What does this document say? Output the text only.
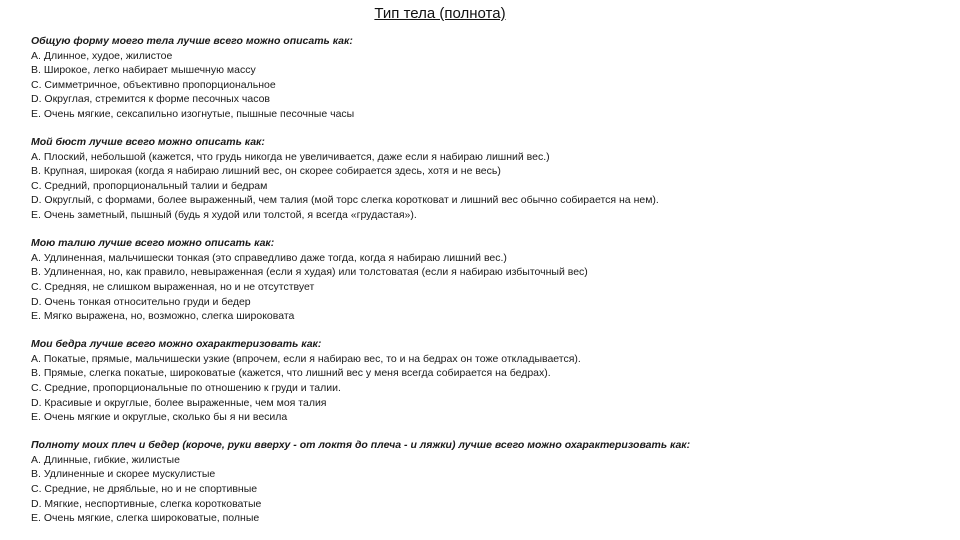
Тип тела (полнота)
Общую форму моего тела лучше всего можно описать как:
A. Длинное, худое, жилистое
B. Широкое, легко набирает мышечную массу
C. Симметричное, объективно пропорциональное
D. Округлая, стремится к форме песочных часов
E. Очень мягкие, сексапильно изогнутые, пышные песочные часы
Мой бюст лучше всего можно описать как:
A. Плоский, небольшой (кажется, что грудь никогда не увеличивается, даже если я набираю лишний вес.)
B. Крупная, широкая (когда я набираю лишний вес, он скорее собирается здесь, хотя и не весь)
C. Средний, пропорциональный талии и бедрам
D. Округлый, с формами, более выраженный, чем талия (мой торс слегка коротковат и лишний вес обычно собирается на нем).
E. Очень заметный, пышный (будь я худой или толстой, я всегда «грудастая»).
Мою талию лучше всего можно описать как:
A. Удлиненная, мальчишески тонкая (это справедливо даже тогда, когда я набираю лишний вес.)
B. Удлиненная, но, как правило, невыраженная (если я худая) или толстоватая (если я набираю избыточный вес)
C. Средняя, не слишком выраженная, но и не отсутствует
D. Очень тонкая относительно груди и бедер
E. Мягко выражена, но, возможно, слегка широковата
Мои бедра лучше всего можно охарактеризовать как:
A. Покатые, прямые, мальчишески узкие (впрочем, если я набираю вес, то и на бедрах он тоже откладывается).
B. Прямые, слегка покатые, широковатые (кажется, что лишний вес у меня всегда собирается на бедрах).
C. Средние, пропорциональные по отношению к груди и талии.
D. Красивые и округлые, более выраженные, чем моя талия
E. Очень мягкие и округлые, сколько бы я ни весила
Полноту моих плеч и бедер (короче, руки вверху - от локтя до плеча - и ляжки) лучше всего можно охарактеризовать как:
A. Длинные, гибкие, жилистые
B. Удлиненные и скорее мускулистые
C. Средние, не дрябльые, но и не спортивные
D. Мягкие, неспортивные, слегка коротковатые
E. Очень мягкие, слегка широковатые, полные
